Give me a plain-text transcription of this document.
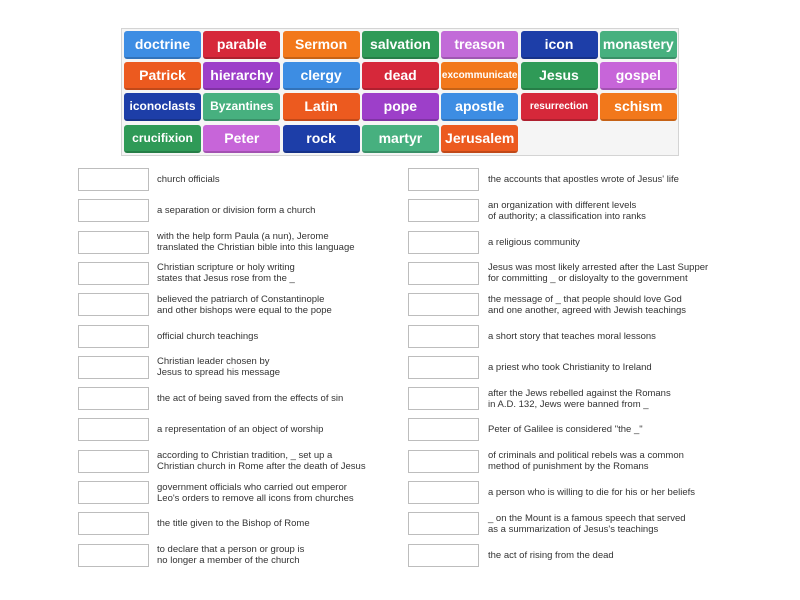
doctrine	parable	Sermon	salvation	treason	icon	monastery
Patrick	hierarchy	clergy	dead	excommunicate	Jesus	gospel
iconoclasts	Byzantines	Latin	pope	apostle	resurrection	schism
crucifixion	Peter	rock	martyr	Jerusalem
church officials
a separation or division form a church
with the help form Paula (a nun), Jerome
translated the Christian bible into this language
Christian scripture or holy writing
states that Jesus rose from the _
believed the patriarch of Constantinople
and other bishops were equal to the pope
official church teachings
Christian leader chosen by
Jesus to spread his message
the act of being saved from the effects of sin
a representation of an object of worship
according to Christian tradition, _ set up a
Christian church in Rome after the death of Jesus
government officials who carried out emperor
Leo's orders to remove all icons from churches
the title given to the Bishop of Rome
to declare that a person or group is
no longer a member of the church
the accounts that apostles wrote of Jesus' life
an organization with different levels
of authority; a classification into ranks
a religious community
Jesus was most likely arrested after the Last Supper
for committing _ or disloyalty to the government
the message of _ that people should love God
and one another, agreed with Jewish teachings
a short story that teaches moral lessons
a priest who took Christianity to Ireland
after the Jews rebelled against the Romans
in A.D. 132, Jews were banned from _
Peter of Galilee is considered "the _"
of criminals and political rebels was a common
method of punishment by the Romans
a person who is willing to die for his or her beliefs
_ on the Mount is a famous speech that served
as a summarization of Jesus's teachings
the act of rising from the dead
